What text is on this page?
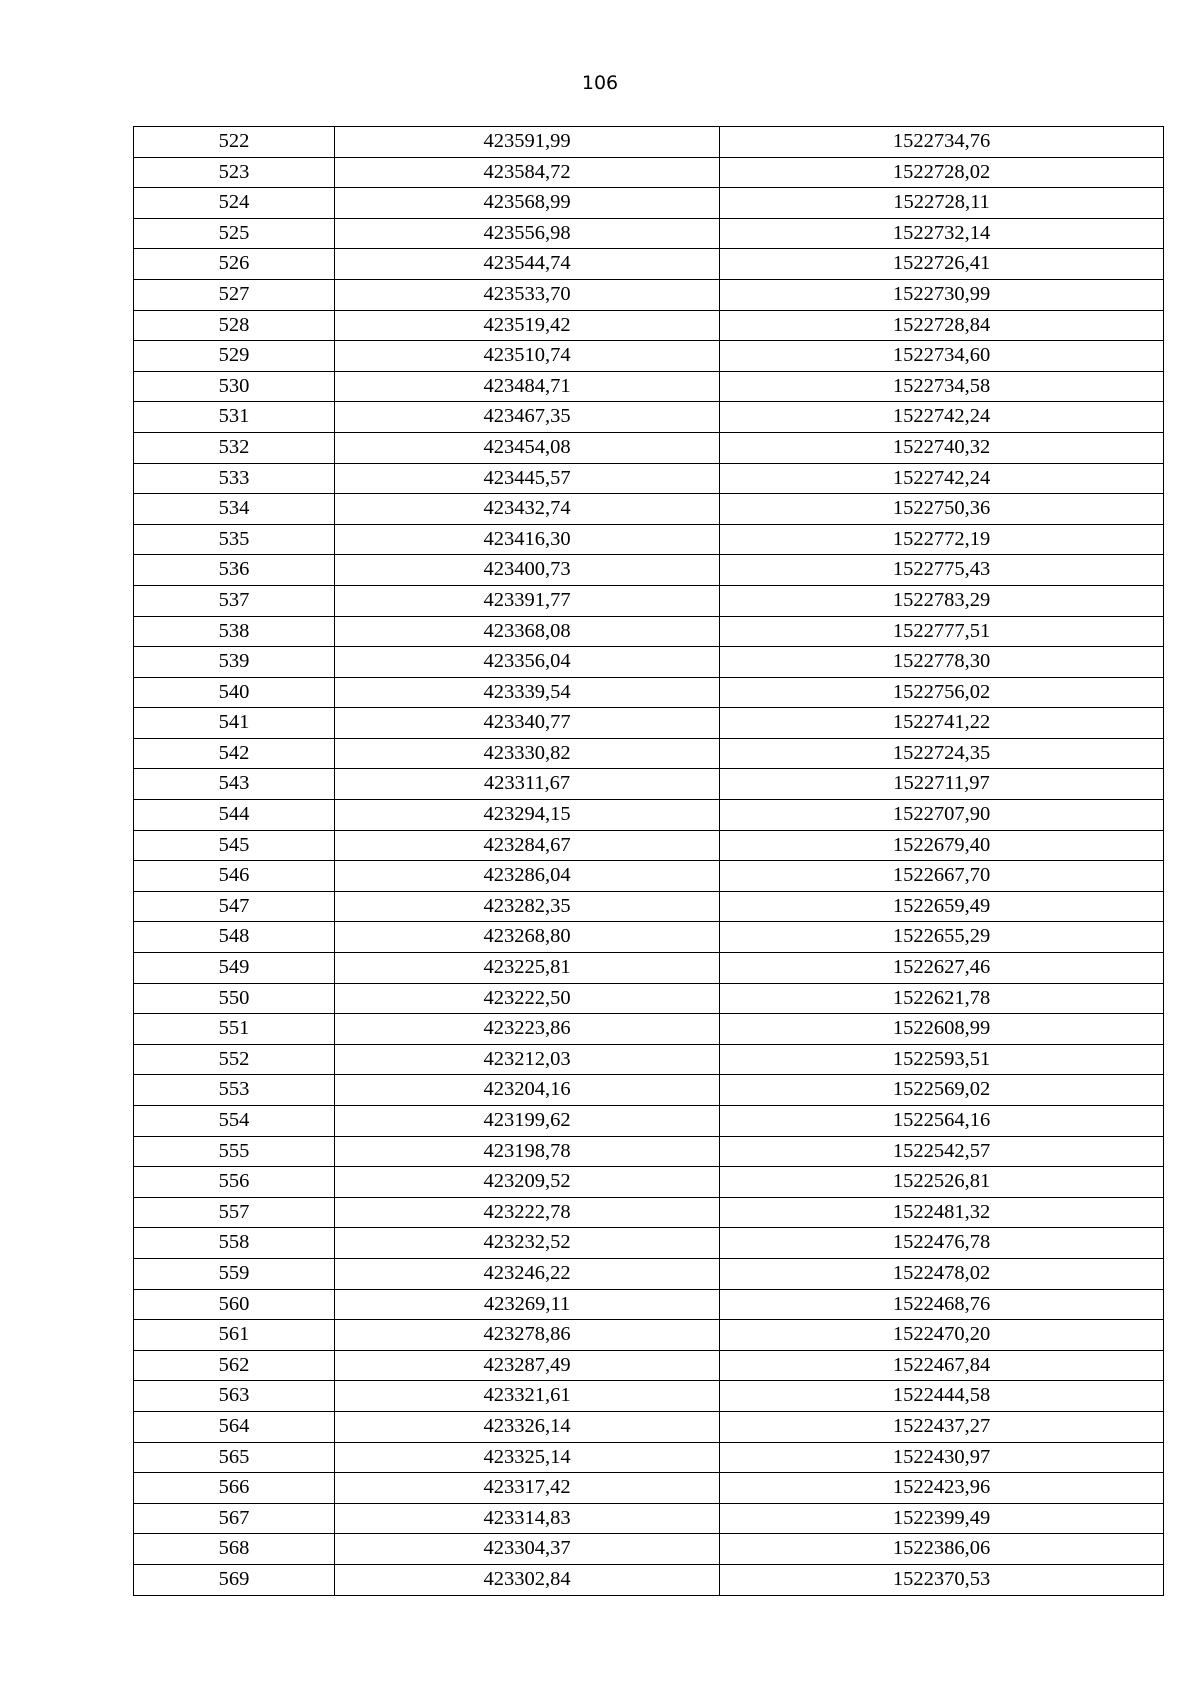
106
522	423591,99	1522734,76
523	423584,72	1522728,02
524	423568,99	1522728,11
525	423556,98	1522732,14
526	423544,74	1522726,41
527	423533,70	1522730,99
528	423519,42	1522728,84
529	423510,74	1522734,60
530	423484,71	1522734,58
531	423467,35	1522742,24
532	423454,08	1522740,32
533	423445,57	1522742,24
534	423432,74	1522750,36
535	423416,30	1522772,19
536	423400,73	1522775,43
537	423391,77	1522783,29
538	423368,08	1522777,51
539	423356,04	1522778,30
540	423339,54	1522756,02
541	423340,77	1522741,22
542	423330,82	1522724,35
543	423311,67	1522711,97
544	423294,15	1522707,90
545	423284,67	1522679,40
546	423286,04	1522667,70
547	423282,35	1522659,49
548	423268,80	1522655,29
549	423225,81	1522627,46
550	423222,50	1522621,78
551	423223,86	1522608,99
552	423212,03	1522593,51
553	423204,16	1522569,02
554	423199,62	1522564,16
555	423198,78	1522542,57
556	423209,52	1522526,81
557	423222,78	1522481,32
558	423232,52	1522476,78
559	423246,22	1522478,02
560	423269,11	1522468,76
561	423278,86	1522470,20
562	423287,49	1522467,84
563	423321,61	1522444,58
564	423326,14	1522437,27
565	423325,14	1522430,97
566	423317,42	1522423,96
567	423314,83	1522399,49
568	423304,37	1522386,06
569	423302,84	1522370,53
